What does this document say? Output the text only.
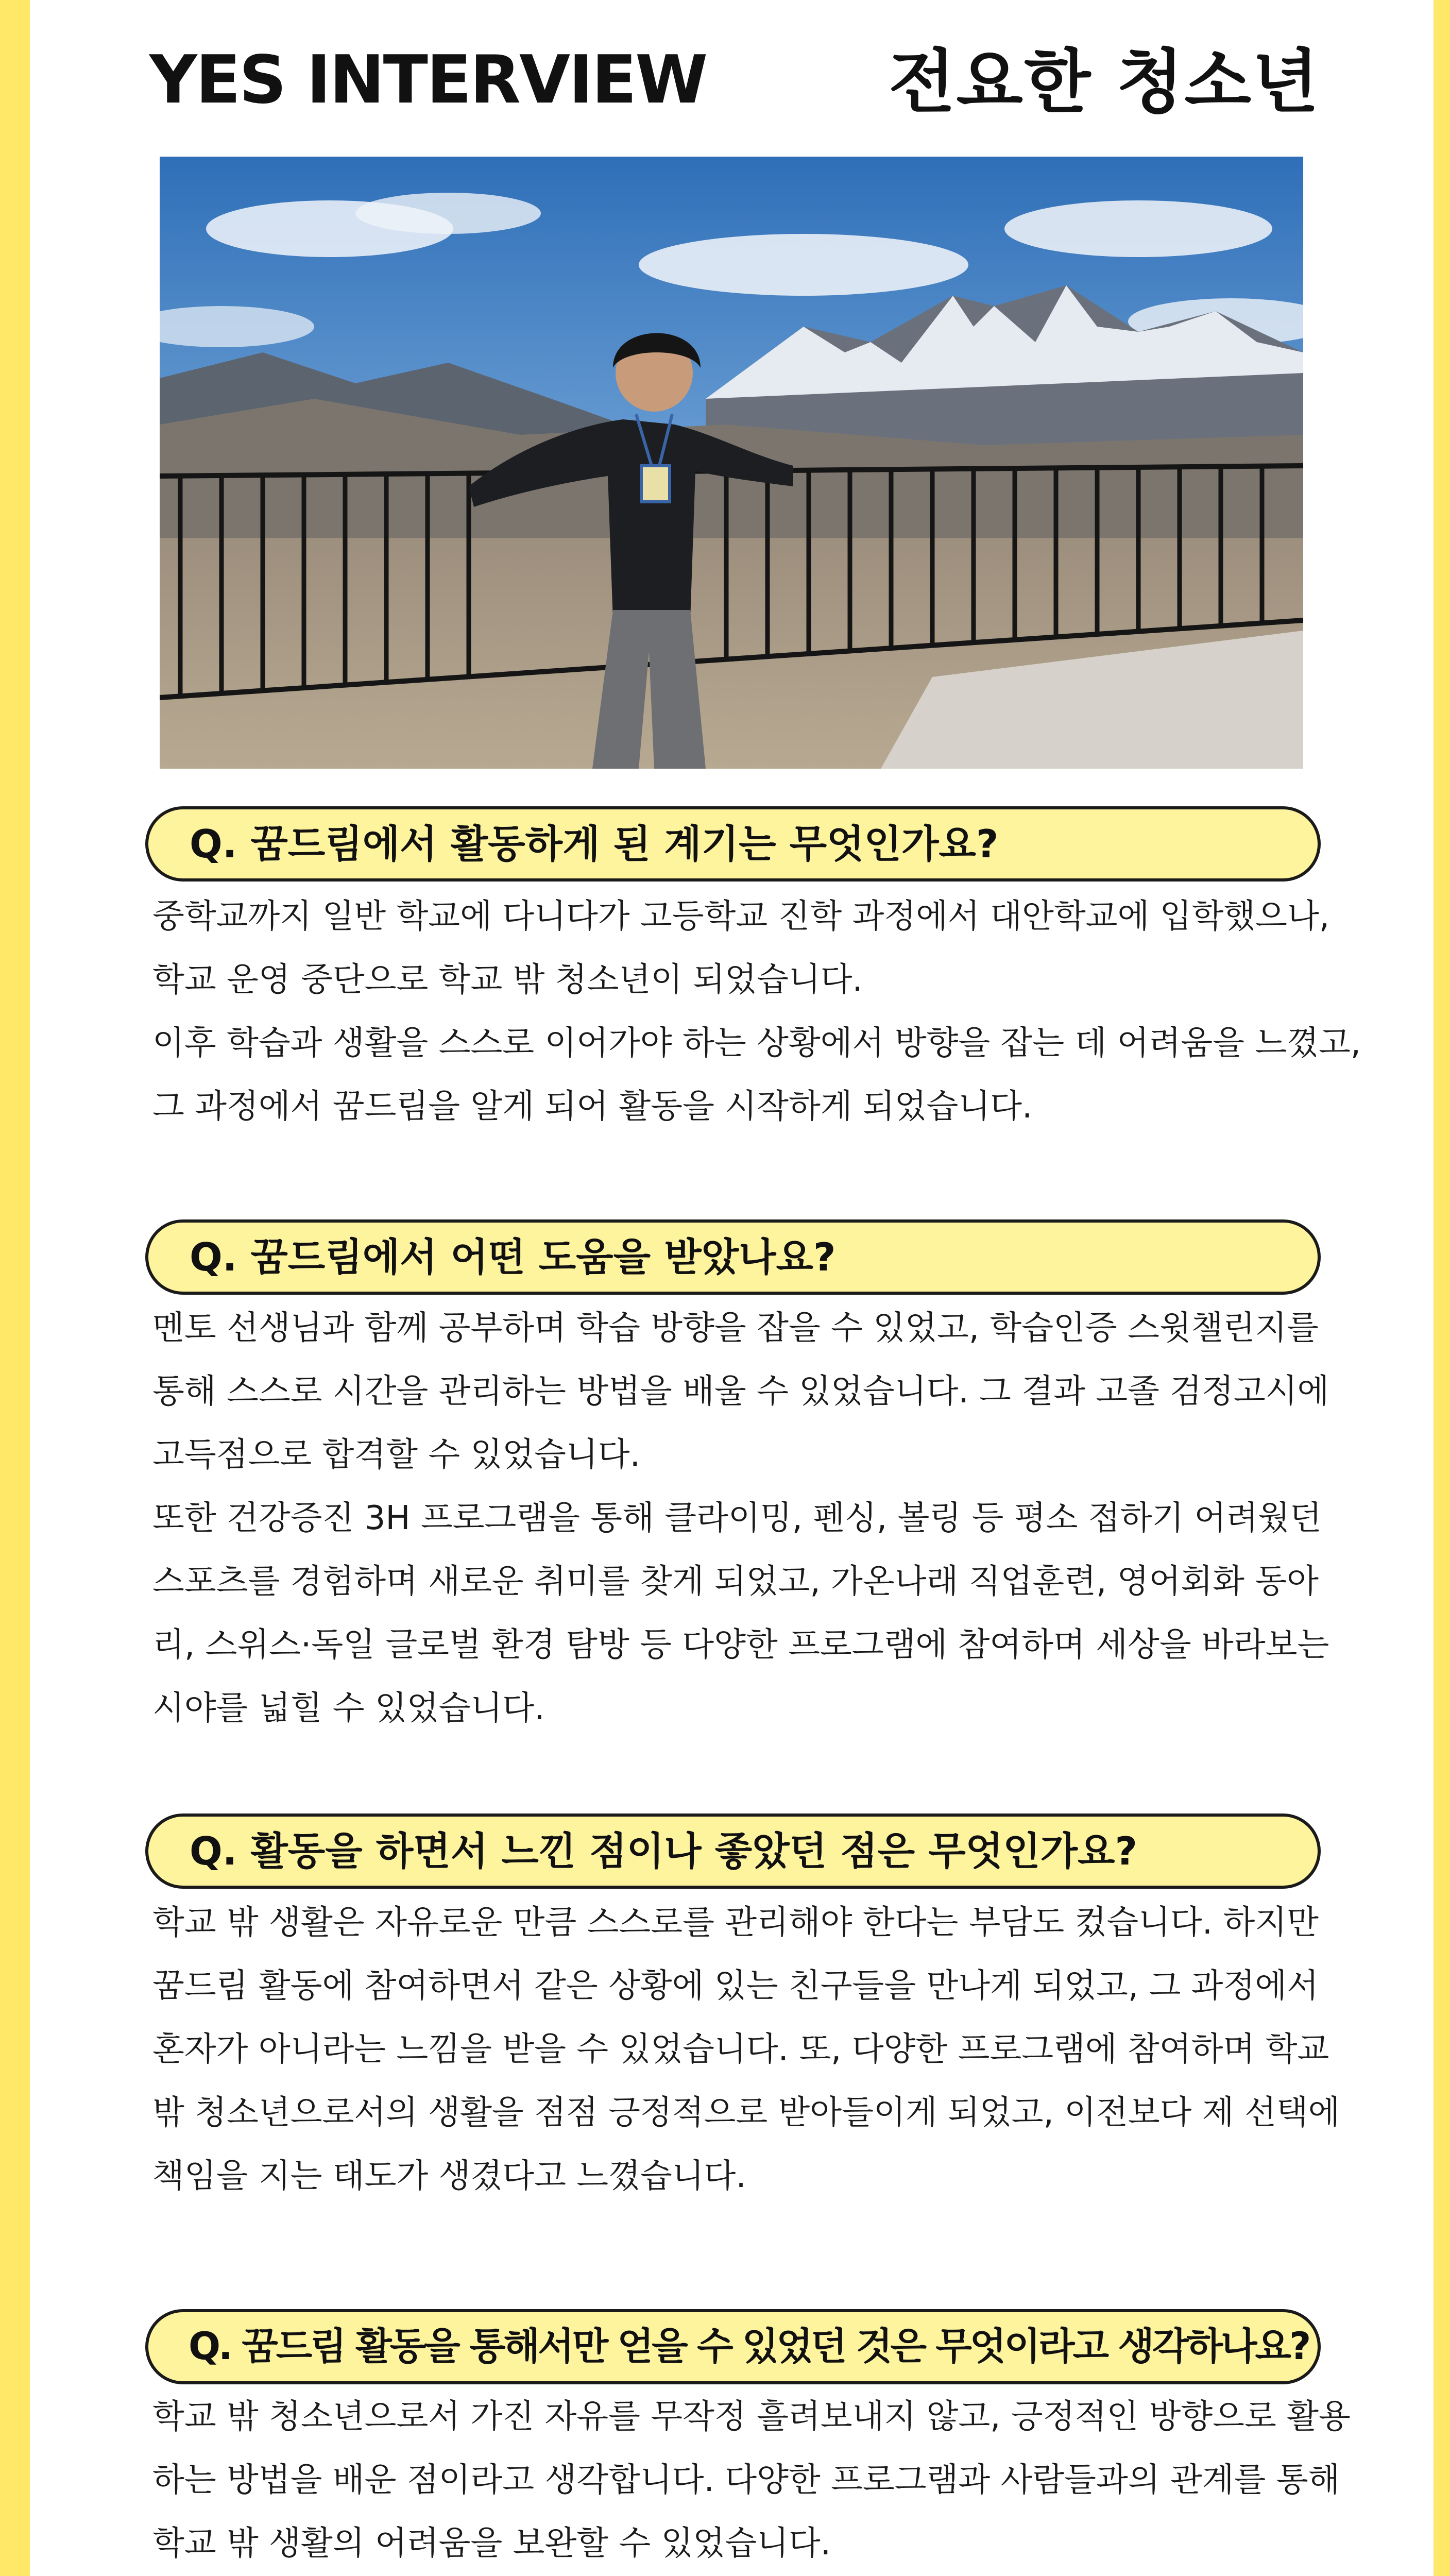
YES INTERVIEW	전요한 청소년
Q. 꿈드림에서 활동하게 된 계기는 무엇인가요?

중학교까지 일반 학교에 다니다가 고등학교 진학 과정에서 대안학교에 입학했으나,

학교 운영 중단으로 학교 밖 청소년이 되었습니다.

이후 학습과 생활을 스스로 이어가야 하는 상황에서 방향을 잡는 데 어려움을 느꼈고,

그 과정에서 꿈드림을 알게 되어 활동을 시작하게 되었습니다.

Q. 꿈드림에서 어떤 도움을 받았나요?

멘토 선생님과 함께 공부하며 학습 방향을 잡을 수 있었고, 학습인증 스윗챌린지를

통해 스스로 시간을 관리하는 방법을 배울 수 있었습니다. 그 결과 고졸 검정고시에

고득점으로 합격할 수 있었습니다.

또한 건강증진 3H 프로그램을 통해 클라이밍, 펜싱, 볼링 등 평소 접하기 어려웠던

스포츠를 경험하며 새로운 취미를 찾게 되었고, 가온나래 직업훈련, 영어회화 동아

리, 스위스·독일 글로벌 환경 탐방 등 다양한 프로그램에 참여하며 세상을 바라보는

시야를 넓힐 수 있었습니다.

Q. 활동을 하면서 느낀 점이나 좋았던 점은 무엇인가요?

학교 밖 생활은 자유로운 만큼 스스로를 관리해야 한다는 부담도 컸습니다. 하지만

꿈드림 활동에 참여하면서 같은 상황에 있는 친구들을 만나게 되었고, 그 과정에서

혼자가 아니라는 느낌을 받을 수 있었습니다. 또, 다양한 프로그램에 참여하며 학교

밖 청소년으로서의 생활을 점점 긍정적으로 받아들이게 되었고, 이전보다 제 선택에

책임을 지는 태도가 생겼다고 느꼈습니다.

Q. 꿈드림 활동을 통해서만 얻을 수 있었던 것은 무엇이라고 생각하나요?

학교 밖 청소년으로서 가진 자유를 무작정 흘려보내지 않고, 긍정적인 방향으로 활용

하는 방법을 배운 점이라고 생각합니다. 다양한 프로그램과 사람들과의 관계를 통해

학교 밖 생활의 어려움을 보완할 수 있었습니다.
